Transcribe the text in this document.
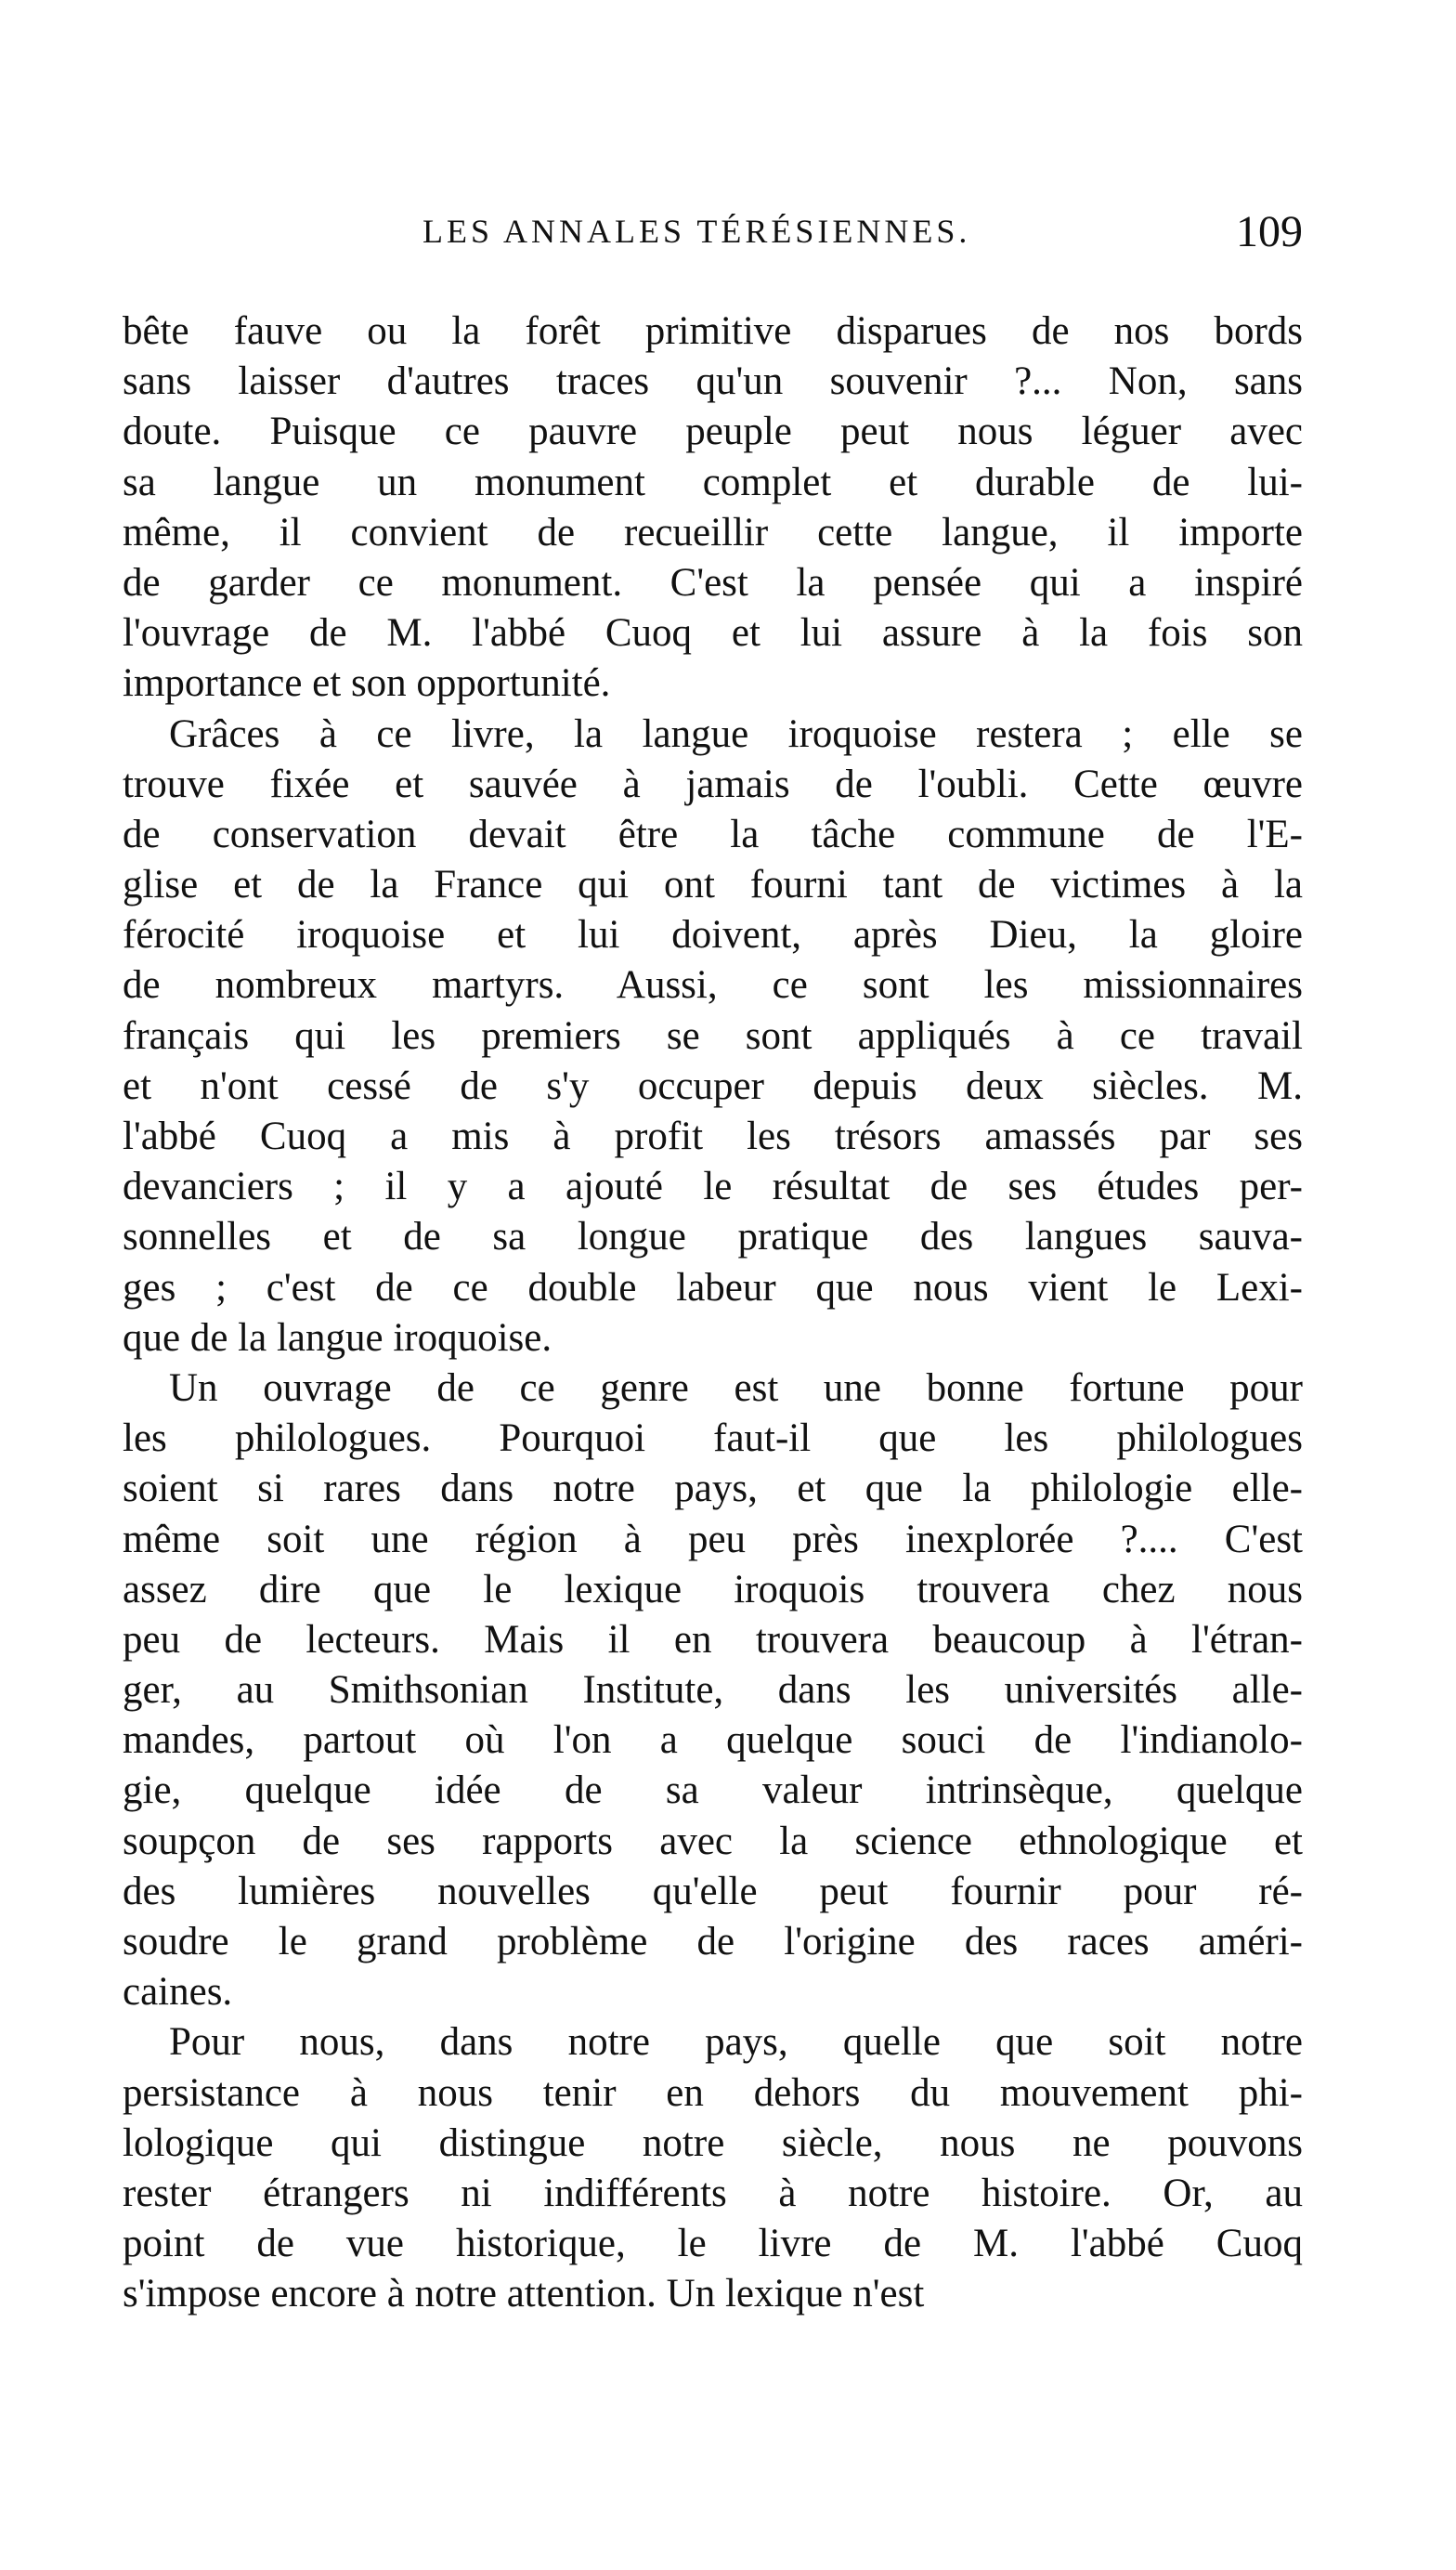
LES ANNALES TÉRÉSIENNES.	109
bête fauve ou la forêt primitive disparues de nos bords
sans laisser d'autres traces qu'un souvenir ?... Non, sans
doute. Puisque ce pauvre peuple peut nous léguer avec
sa langue un monument complet et durable de lui-
même, il convient de recueillir cette langue, il importe
de garder ce monument. C'est la pensée qui a inspiré
l'ouvrage de M. l'abbé Cuoq et lui assure à la fois son
importance et son opportunité.
Grâces à ce livre, la langue iroquoise restera ; elle se
trouve fixée et sauvée à jamais de l'oubli. Cette œuvre
de conservation devait être la tâche commune de l'E-
glise et de la France qui ont fourni tant de victimes à la
férocité iroquoise et lui doivent, après Dieu, la gloire
de nombreux martyrs. Aussi, ce sont les missionnaires
français qui les premiers se sont appliqués à ce travail
et n'ont cessé de s'y occuper depuis deux siècles. M.
l'abbé Cuoq a mis à profit les trésors amassés par ses
devanciers ; il y a ajouté le résultat de ses études per-
sonnelles et de sa longue pratique des langues sauva-
ges ; c'est de ce double labeur que nous vient le Lexi-
que de la langue iroquoise.
Un ouvrage de ce genre est une bonne fortune pour
les philologues. Pourquoi faut-il que les philologues
soient si rares dans notre pays, et que la philologie elle-
même soit une région à peu près inexplorée ?.... C'est
assez dire que le lexique iroquois trouvera chez nous
peu de lecteurs. Mais il en trouvera beaucoup à l'étran-
ger, au Smithsonian Institute, dans les universités alle-
mandes, partout où l'on a quelque souci de l'indianolo-
gie, quelque idée de sa valeur intrinsèque, quelque
soupçon de ses rapports avec la science ethnologique et
des lumières nouvelles qu'elle peut fournir pour ré-
soudre le grand problème de l'origine des races améri-
caines.
Pour nous, dans notre pays, quelle que soit notre
persistance à nous tenir en dehors du mouvement phi-
lologique qui distingue notre siècle, nous ne pouvons
rester étrangers ni indifférents à notre histoire. Or, au
point de vue historique, le livre de M. l'abbé Cuoq
s'impose encore à notre attention. Un lexique n'est
